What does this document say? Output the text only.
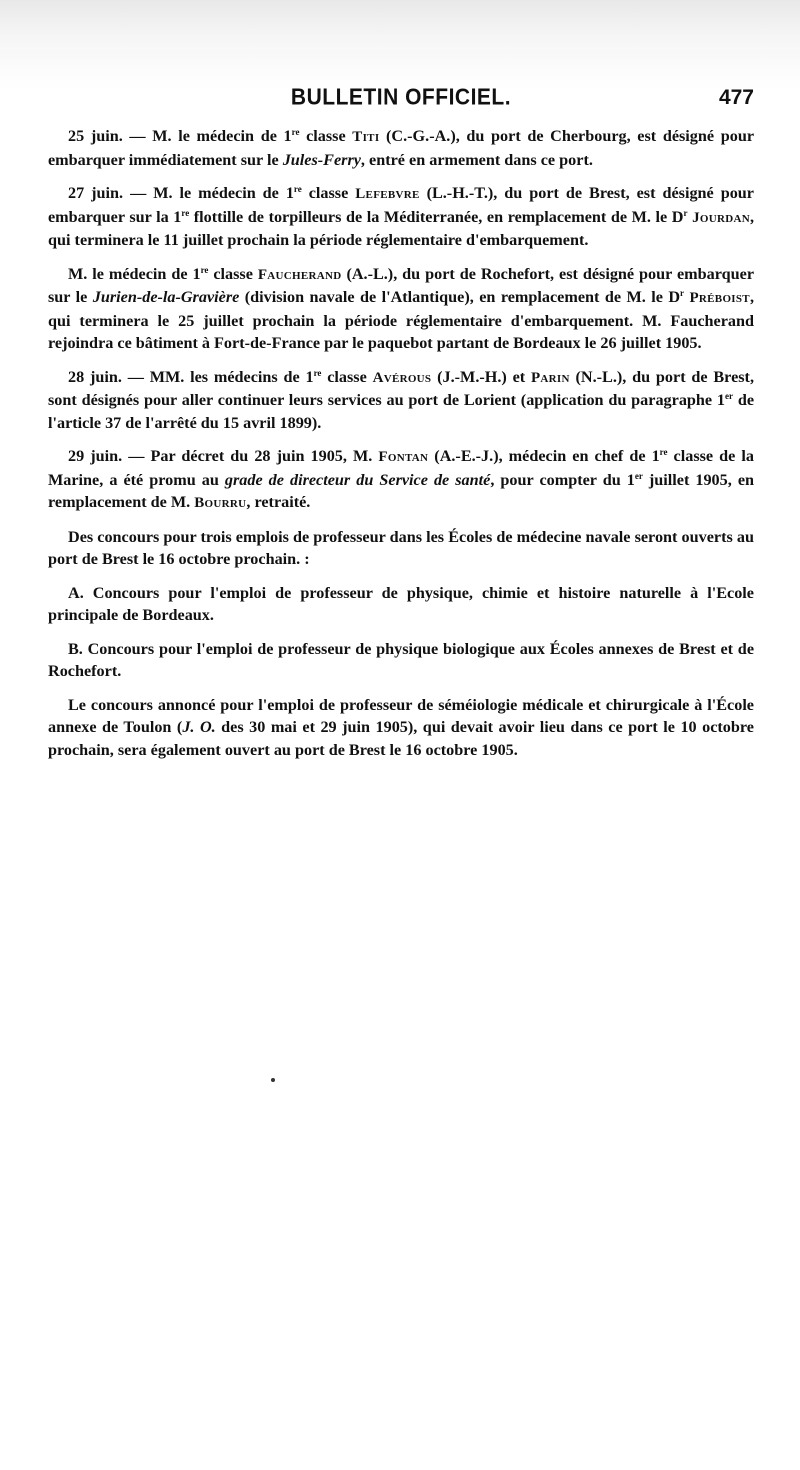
BULLETIN OFFICIEL.	477

25 juin. — M. le médecin de 1re classe Titi (C.-G.-A.), du port de Cherbourg, est désigné pour embarquer immédiatement sur le Jules-Ferry, entré en armement dans ce port.

27 juin. — M. le médecin de 1re classe Lefebvre (L.-H.-T.), du port de Brest, est désigné pour embarquer sur la 1re flottille de torpilleurs de la Méditerranée, en remplacement de M. le $D^r$ Jourdan, qui terminera le 11 juillet prochain la période réglementaire d'embarquement.

M. le médecin de 1re classe Faucherand (A.-L.), du port de Rochefort, est désigné pour embarquer sur le Jurien-de-la-Gravière (division navale de l'Atlantique), en remplacement de M. le $D^r$ Préboist, qui terminera le 25 juillet prochain la période réglementaire d'embarquement. M. Faucherand rejoindra ce bâtiment à Fort-de-France par le paquebot partant de Bordeaux le 26 juillet 1905.

28 juin. — MM. les médecins de 1re classe Avérous (J.-M.-H.) et Parin (N.-L.), du port de Brest, sont désignés pour aller continuer leurs services au port de Lorient (application du paragraphe 1er de l'article 37 de l'arrêté du 15 avril 1899).

29 juin. — Par décret du 28 juin 1905, M. Fontan (A.-E.-J.), médecin en chef de 1re classe de la Marine, a été promu au grade de directeur du Service de santé, pour compter du 1er juillet 1905, en remplacement de M. Bourru, retraité.

Des concours pour trois emplois de professeur dans les Écoles de médecine navale seront ouverts au port de Brest le 16 octobre prochain. :

A. Concours pour l'emploi de professeur de physique, chimie et histoire naturelle à l'Ecole principale de Bordeaux.

B. Concours pour l'emploi de professeur de physique biologique aux Écoles annexes de Brest et de Rochefort.

Le concours annoncé pour l'emploi de professeur de séméiologie médicale et chirurgicale à l'École annexe de Toulon (J. O. des 30 mai et 29 juin 1905), qui devait avoir lieu dans ce port le 10 octobre prochain, sera également ouvert au port de Brest le 16 octobre 1905.
